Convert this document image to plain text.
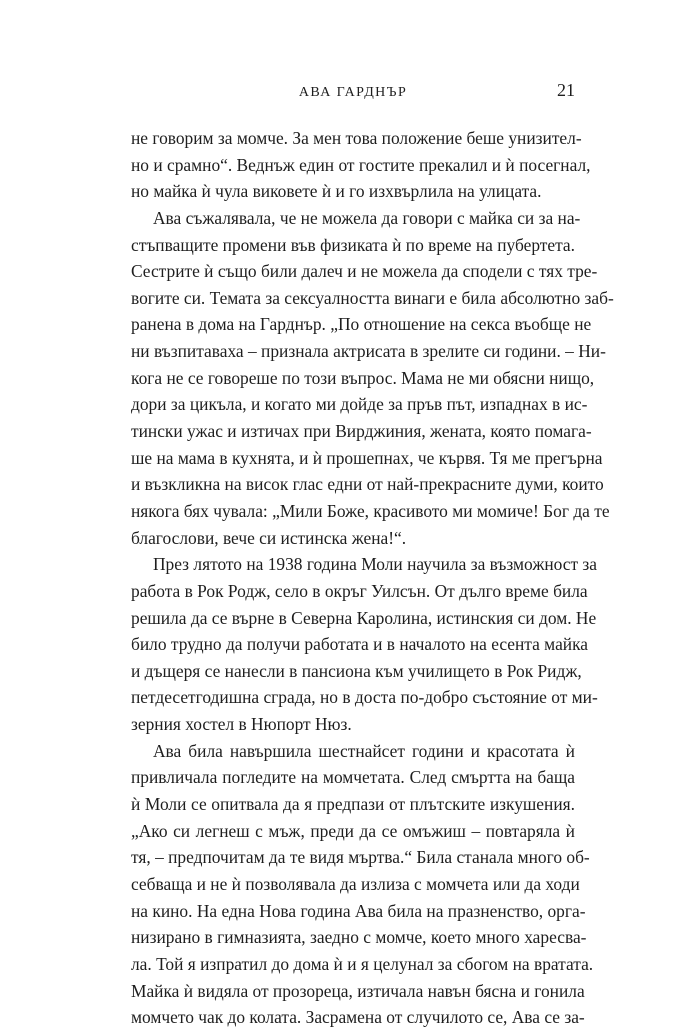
АВА ГАРДНЪР	21
не говорим за момче. За мен това положение беше унизител-
но и срамно“. Веднъж един от гостите прекалил и ѝ посегнал,
но майка ѝ чула виковете ѝ и го изхвърлила на улицата.
Ава съжалявала, че не можела да говори с майка си за на-
стъпващите промени във физиката ѝ по време на пубертета.
Сестрите ѝ също били далеч и не можела да сподели с тях тре-
вогите си. Темата за сексуалността винаги е била абсолютно заб-
ранена в дома на Гарднър. „По отношение на секса въобще не
ни възпитаваха – признала актрисата в зрелите си години. – Ни-
кога не се говореше по този въпрос. Мама не ми обясни нищо,
дори за цикъла, и когато ми дойде за пръв път, изпаднах в ис-
тински ужас и изтичах при Вирджиния, жената, която помага-
ше на мама в кухнята, и ѝ прошепнах, че кървя. Тя ме прегърна
и възкликна на висок глас едни от най-прекрасните думи, които
някога бях чувала: „Мили Боже, красивото ми момиче! Бог да те
благослови, вече си истинска жена!“.
През лятото на 1938 година Моли научила за възможност за
работа в Рок Родж, село в окръг Уилсън. От дълго време била
решила да се върне в Северна Каролина, истинския си дом. Не
било трудно да получи работата и в началото на есента майка
и дъщеря се нанесли в пансиона към училището в Рок Ридж,
петдесетгодишна сграда, но в доста по-добро състояние от ми-
зерния хостел в Нюпорт Нюз.
Ава била навършила шестнайсет години и красотата ѝ
привличала погледите на момчетата. След смъртта на баща
ѝ Моли се опитвала да я предпази от плътските изкушения.
„Ако си легнеш с мъж, преди да се омъжиш – повтаряла ѝ
тя, – предпочитам да те видя мъртва.“ Била станала много об-
себваща и не ѝ позволявала да излиза с момчета или да ходи
на кино. На една Нова година Ава била на празненство, орга-
низирано в гимназията, заедно с момче, което много харесва-
ла. Той я изпратил до дома ѝ и я целунал за сбогом на вратата.
Майка ѝ видяла от прозореца, изтичала навън бясна и гонила
момчето чак до колата. Засрамена от случилото се, Ава се за-
